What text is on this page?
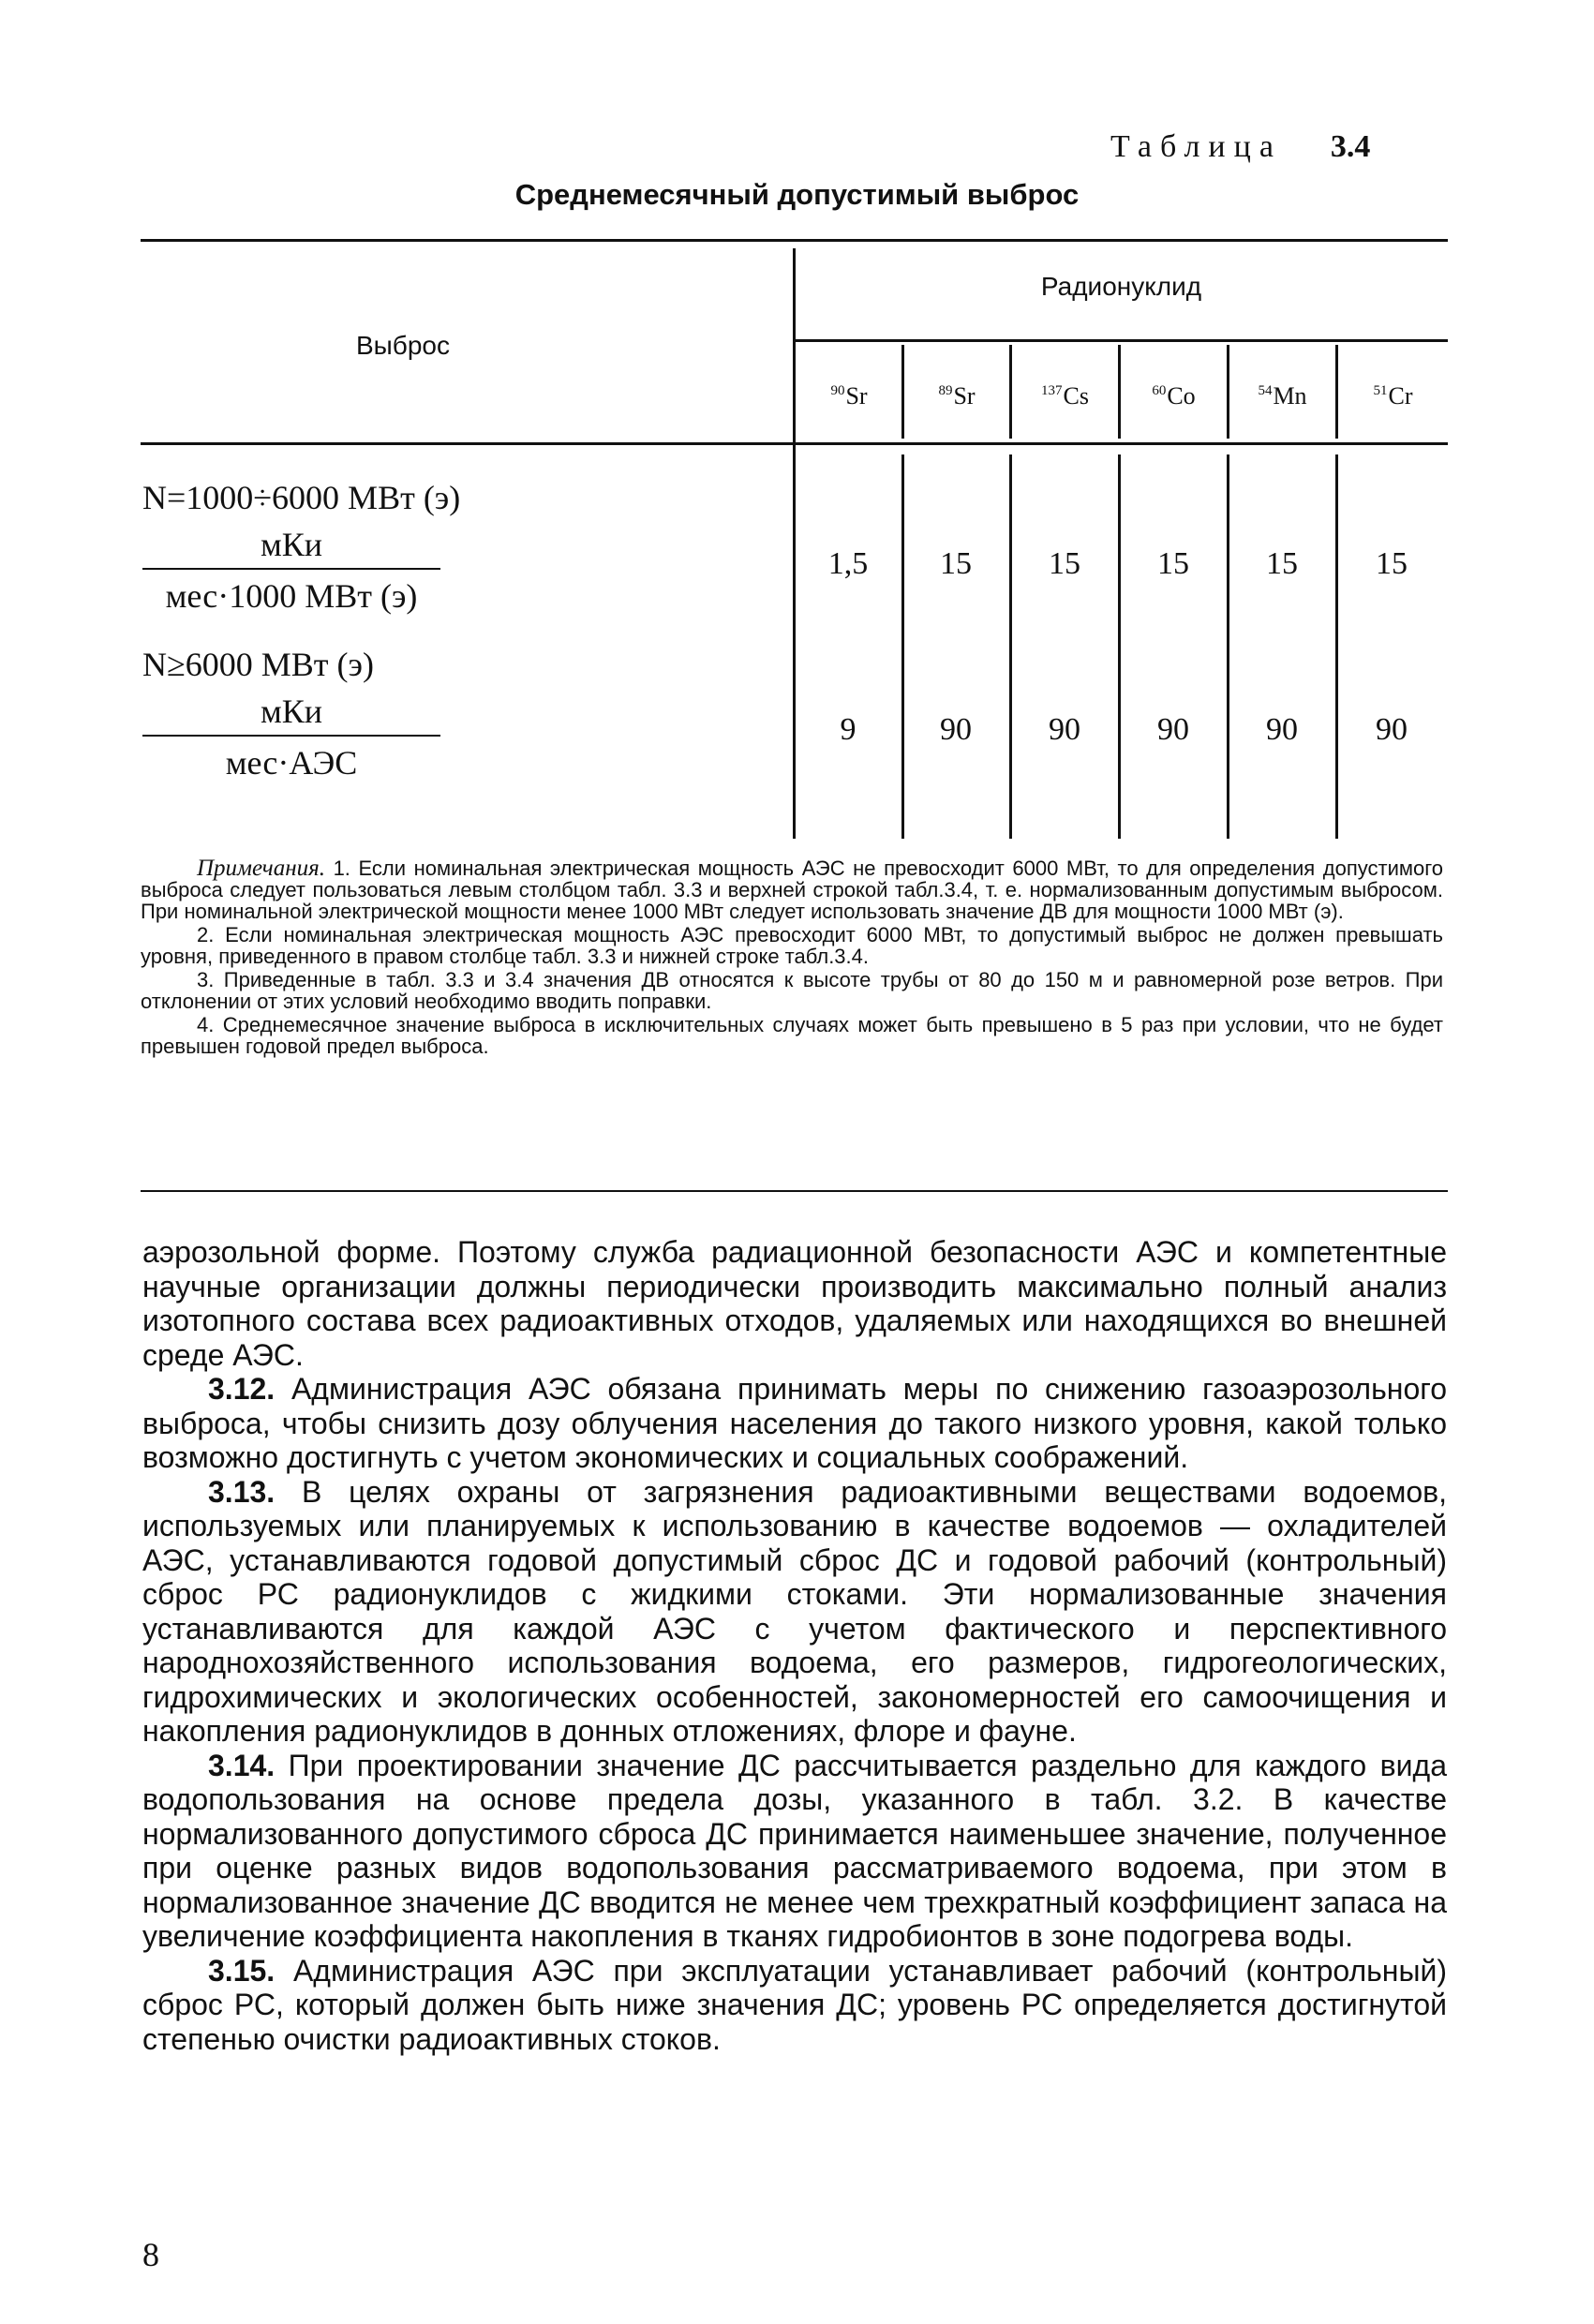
Таблица 3.4
Среднемесячный допустимый выброс
Выброс
Радионуклид
$^{90}$Sr	$^{89}$Sr	$^{137}$Cs	$^{60}$Co	$^{54}$Mn	$^{51}$Cr
N=1000÷6000 МВт (э)
мКи
мес·1000 МВт (э)
1,5	15	15	15	15	15
N≥6000 МВт (э)
мКи
мес·АЭС
9	90	90	90	90	90

Примечания. 1. Если номинальная электрическая мощность АЭС не превосходит 6000 МВт, то для определения допустимого выброса следует пользоваться левым столбцом табл. 3.3 и верхней строкой табл.3.4, т. е. нормализованным допустимым выбросом. При номинальной электрической мощности менее 1000 МВт следует использовать значение ДВ для мощности 1000 МВт (э).

2. Если номинальная электрическая мощность АЭС превосходит 6000 МВт, то допустимый выброс не должен превышать уровня, приведенного в правом столбце табл. 3.3 и нижней строке табл.3.4.

3. Приведенные в табл. 3.3 и 3.4 значения ДВ относятся к высоте трубы от 80 до 150 м и равномерной розе ветров. При отклонении от этих условий необходимо вводить поправки.

4. Среднемесячное значение выброса в исключительных случаях может быть превышено в 5 раз при условии, что не будет превышен годовой предел выброса.

аэрозольной форме. Поэтому служба радиационной безопасности АЭС и компетентные научные организации должны периодически производить максимально полный анализ изотопного состава всех радиоактивных отходов, удаляемых или находящихся во внешней среде АЭС.

3.12. Администрация АЭС обязана принимать меры по снижению газоаэрозольного выброса, чтобы снизить дозу облучения населения до такого низкого уровня, какой только возможно достигнуть с учетом экономических и социальных соображений.

3.13. В целях охраны от загрязнения радиоактивными веществами водоемов, используемых или планируемых к использованию в качестве водоемов — охладителей АЭС, устанавливаются годовой допустимый сброс ДС и годовой рабочий (контрольный) сброс РС радионуклидов с жидкими стоками. Эти нормализованные значения устанавливаются для каждой АЭС с учетом фактического и перспективного народнохозяйственного использования водоема, его размеров, гидрогеологических, гидрохимических и экологических особенностей, закономерностей его самоочищения и накопления радионуклидов в донных отложениях, флоре и фауне.

3.14. При проектировании значение ДС рассчитывается раздельно для каждого вида водопользования на основе предела дозы, указанного в табл. 3.2. В качестве нормализованного допустимого сброса ДС принимается наименьшее значение, полученное при оценке разных видов водопользования рассматриваемого водоема, при этом в нормализованное значение ДС вводится не менее чем трехкратный коэффициент запаса на увеличение коэффициента накопления в тканях гидробионтов в зоне подогрева воды.

3.15. Администрация АЭС при эксплуатации устанавливает рабочий (контрольный) сброс РС, который должен быть ниже значения ДС; уровень РС определяется достигнутой степенью очистки радиоактивных стоков.

8
